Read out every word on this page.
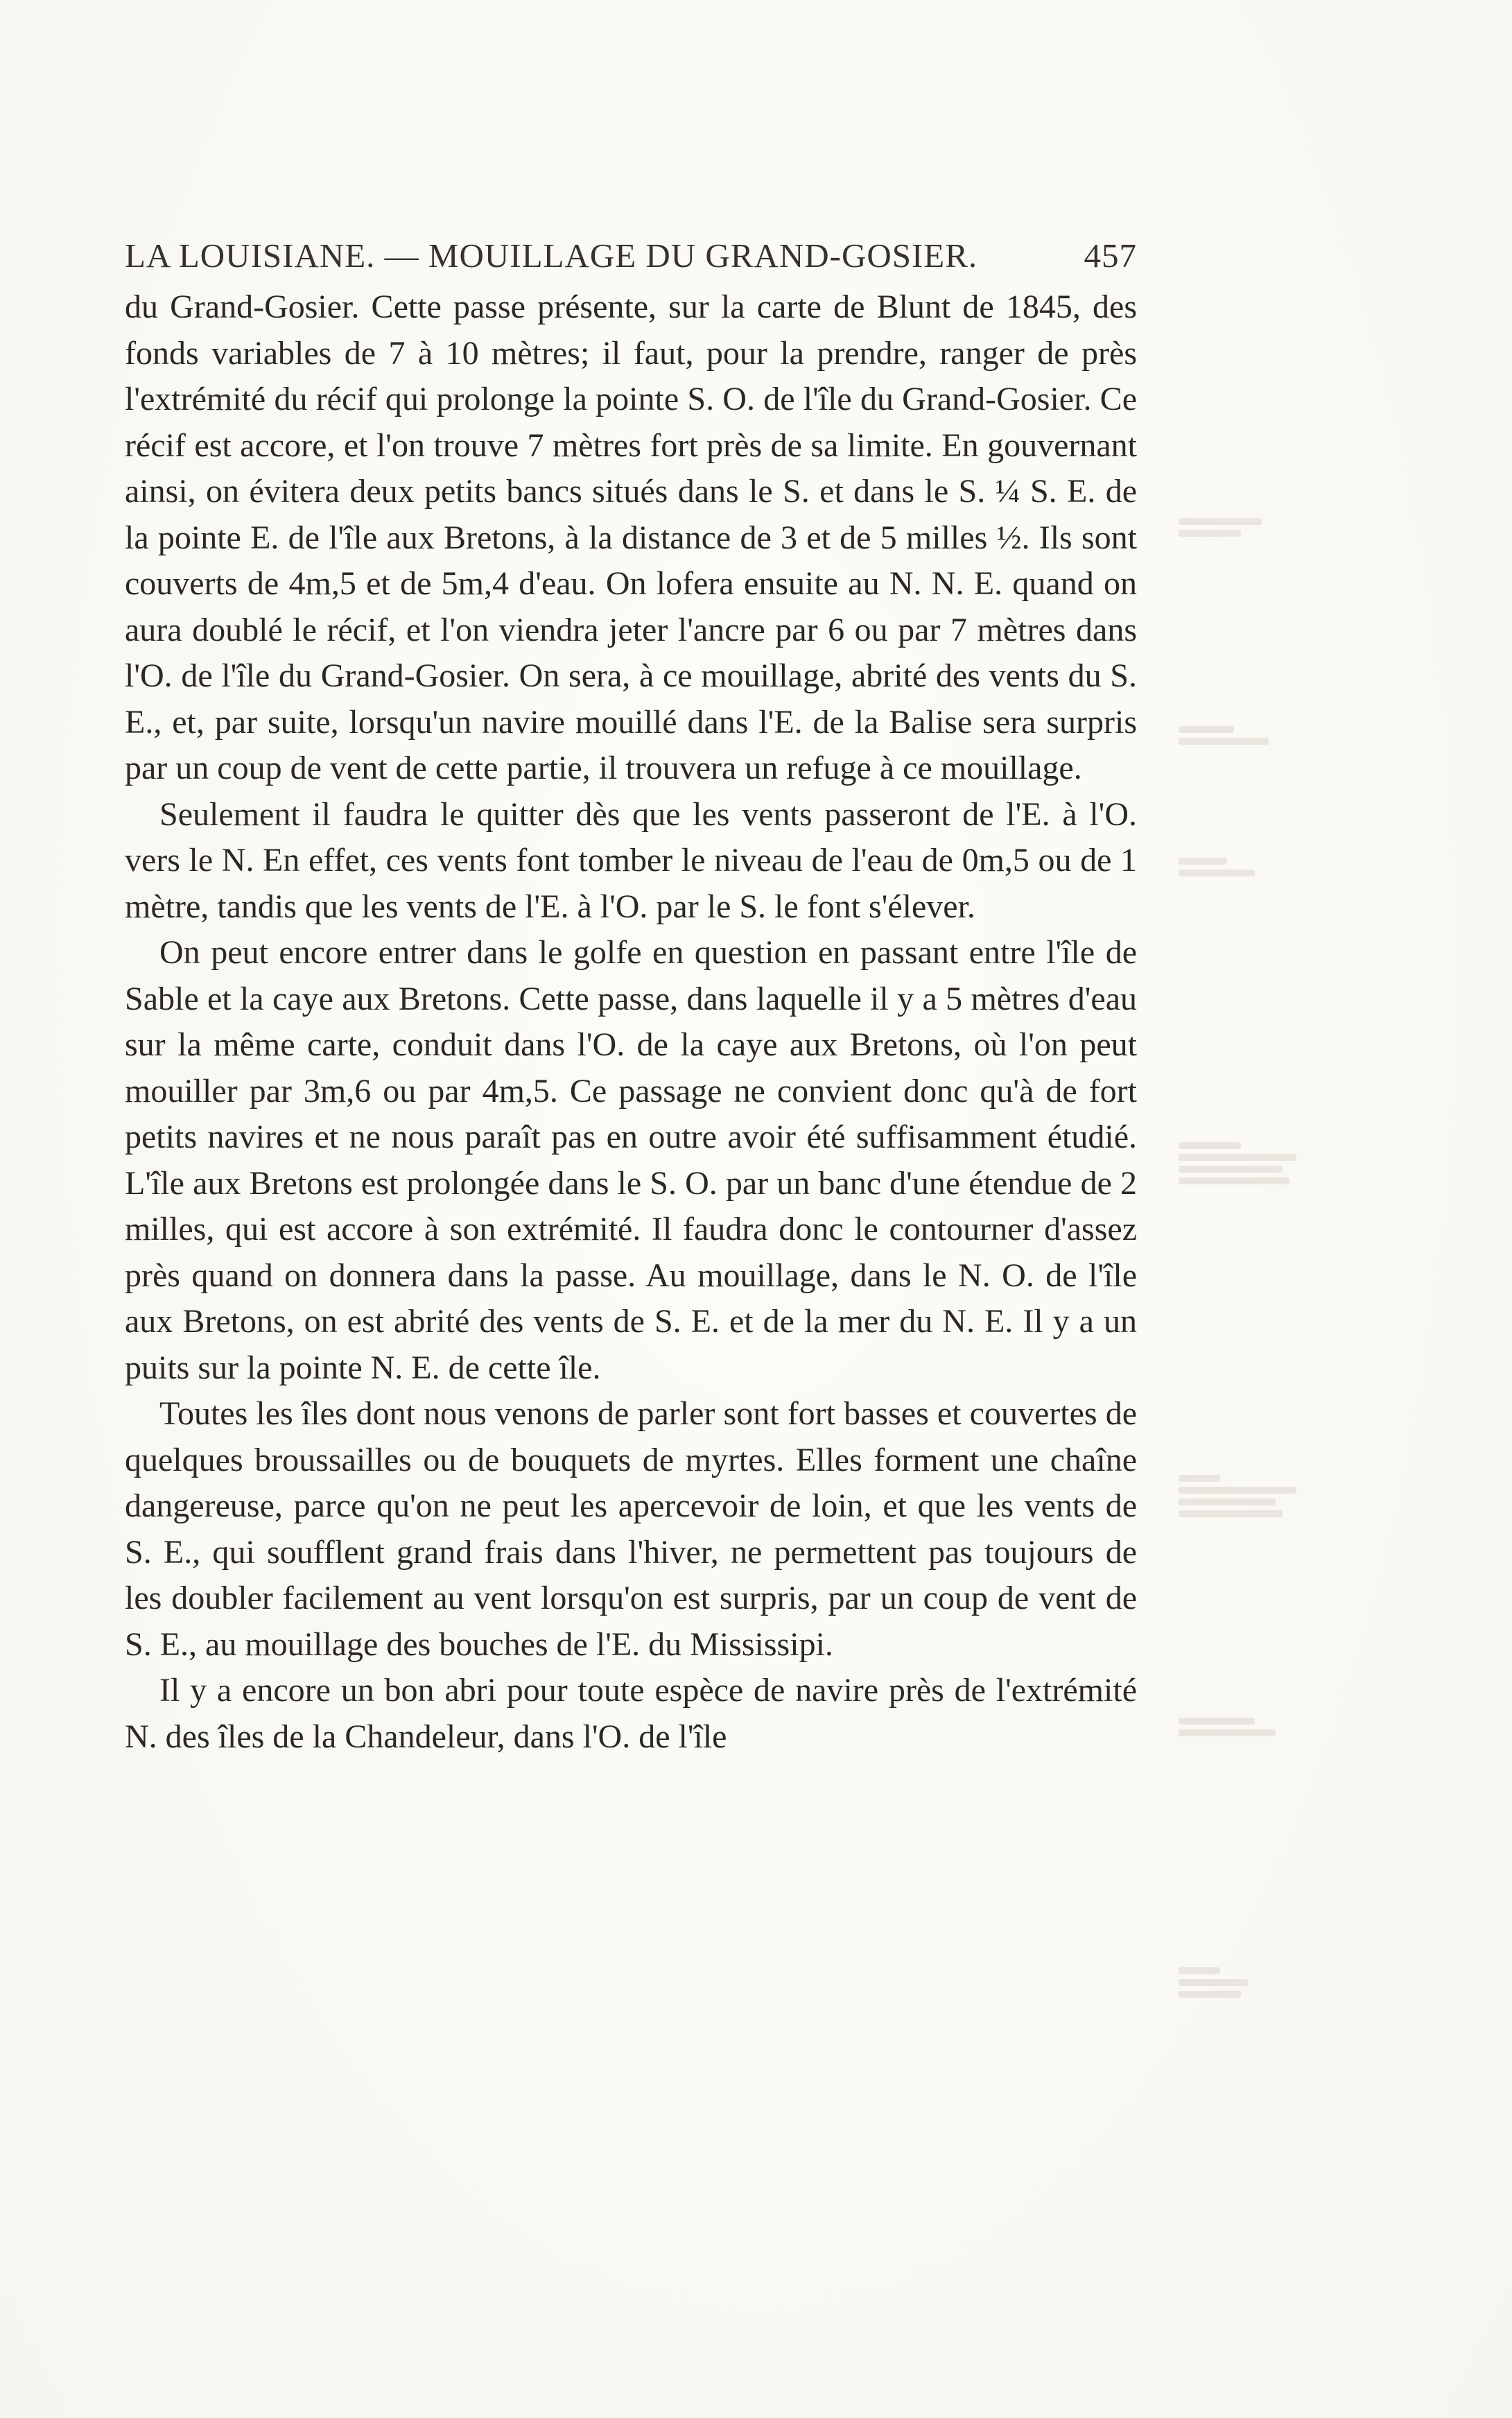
LA LOUISIANE. — MOUILLAGE DU GRAND-GOSIER.	457

du Grand-Gosier. Cette passe présente, sur la carte de Blunt de 1845, des fonds variables de 7 à 10 mètres; il faut, pour la prendre, ranger de près l'extrémité du récif qui prolonge la pointe S. O. de l'île du Grand-Gosier. Ce récif est accore, et l'on trouve 7 mètres fort près de sa limite. En gouvernant ainsi, on évitera deux petits bancs situés dans le S. et dans le S. ¼ S. E. de la pointe E. de l'île aux Bretons, à la distance de 3 et de 5 milles ½. Ils sont couverts de 4m,5 et de 5m,4 d'eau. On lofera ensuite au N. N. E. quand on aura doublé le récif, et l'on viendra jeter l'ancre par 6 ou par 7 mètres dans l'O. de l'île du Grand-Gosier. On sera, à ce mouillage, abrité des vents du S. E., et, par suite, lorsqu'un navire mouillé dans l'E. de la Balise sera surpris par un coup de vent de cette partie, il trouvera un refuge à ce mouillage.

Seulement il faudra le quitter dès que les vents passeront de l'E. à l'O. vers le N. En effet, ces vents font tomber le niveau de l'eau de 0m,5 ou de 1 mètre, tandis que les vents de l'E. à l'O. par le S. le font s'élever.

On peut encore entrer dans le golfe en question en passant entre l'île de Sable et la caye aux Bretons. Cette passe, dans laquelle il y a 5 mètres d'eau sur la même carte, conduit dans l'O. de la caye aux Bretons, où l'on peut mouiller par 3m,6 ou par 4m,5. Ce passage ne convient donc qu'à de fort petits navires et ne nous paraît pas en outre avoir été suffisamment étudié. L'île aux Bretons est prolongée dans le S. O. par un banc d'une étendue de 2 milles, qui est accore à son extrémité. Il faudra donc le contourner d'assez près quand on donnera dans la passe. Au mouillage, dans le N. O. de l'île aux Bretons, on est abrité des vents de S. E. et de la mer du N. E. Il y a un puits sur la pointe N. E. de cette île.

Toutes les îles dont nous venons de parler sont fort basses et couvertes de quelques broussailles ou de bouquets de myrtes. Elles forment une chaîne dangereuse, parce qu'on ne peut les apercevoir de loin, et que les vents de S. E., qui soufflent grand frais dans l'hiver, ne permettent pas toujours de les doubler facilement au vent lorsqu'on est surpris, par un coup de vent de S. E., au mouillage des bouches de l'E. du Mississipi.

Il y a encore un bon abri pour toute espèce de navire près de l'extrémité N. des îles de la Chandeleur, dans l'O. de l'île
